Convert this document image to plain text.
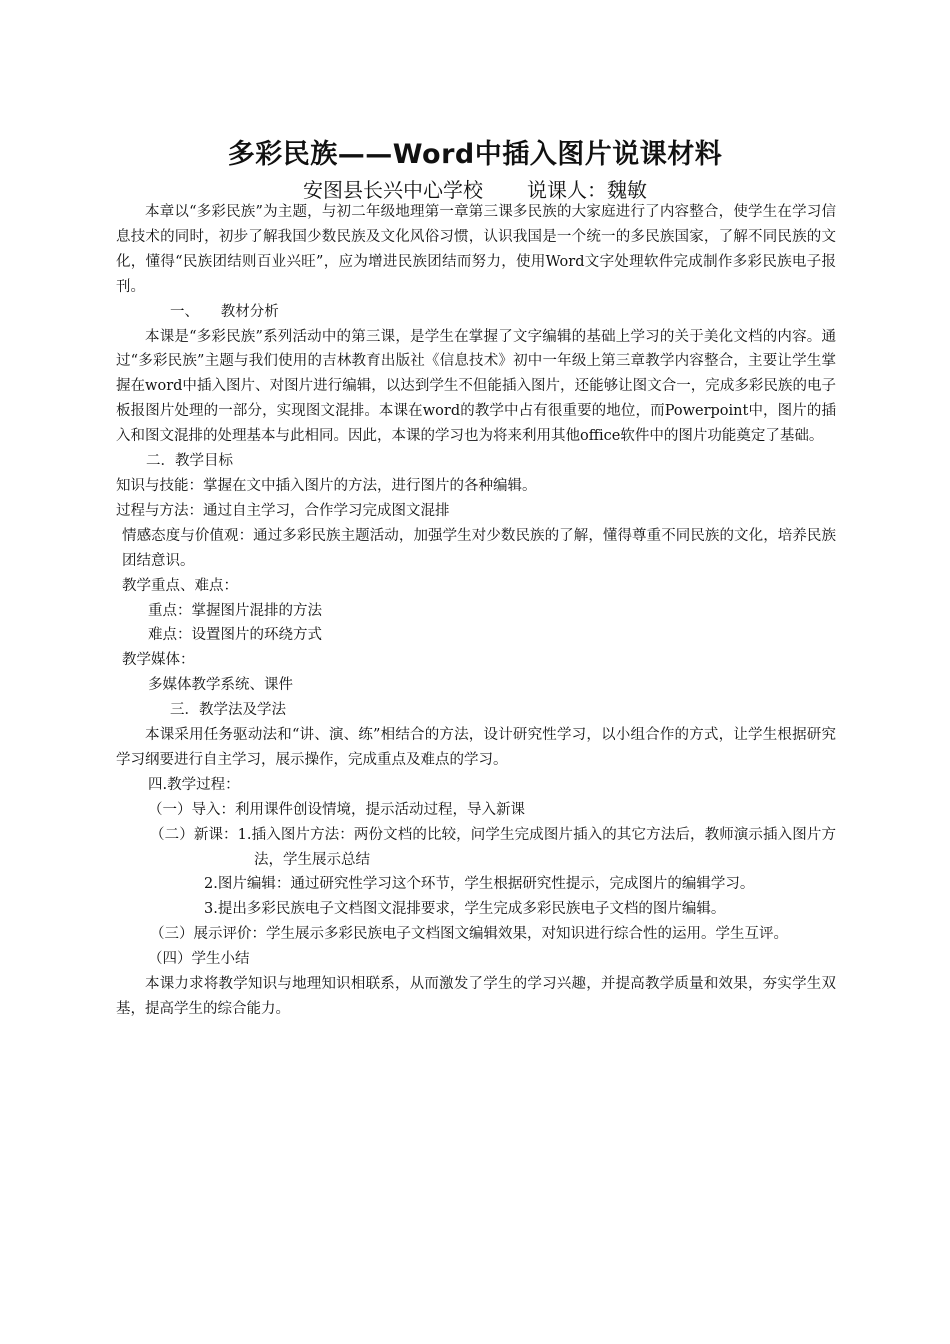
多彩民族——Word中插入图片说课材料
安图县长兴中心学校 说课人：魏敏

本章以“多彩民族”为主题，与初二年级地理第一章第三课多民族的大家庭进行了内容整合，使学生在学习信息技术的同时，初步了解我国少数民族及文化风俗习惯，认识我国是一个统一的多民族国家，了解不同民族的文化，懂得“民族团结则百业兴旺”，应为增进民族团结而努力，使用Word文字处理软件完成制作多彩民族电子报刊。

一、　　教材分析

本课是“多彩民族”系列活动中的第三课，是学生在掌握了文字编辑的基础上学习的关于美化文档的内容。通过“多彩民族”主题与我们使用的吉林教育出版社《信息技术》初中一年级上第三章教学内容整合，主要让学生掌握在word中插入图片、对图片进行编辑，以达到学生不但能插入图片，还能够让图文合一，完成多彩民族的电子板报图片处理的一部分，实现图文混排。本课在word的教学中占有很重要的地位，而Powerpoint中，图片的插入和图文混排的处理基本与此相同。因此，本课的学习也为将来利用其他office软件中的图片功能奠定了基础。

二．教学目标

知识与技能：掌握在文中插入图片的方法，进行图片的各种编辑。

过程与方法：通过自主学习，合作学习完成图文混排

情感态度与价值观：通过多彩民族主题活动，加强学生对少数民族的了解，懂得尊重不同民族的文化，培养民族团结意识。

教学重点、难点：

重点：掌握图片混排的方法

难点：设置图片的环绕方式

教学媒体：

多媒体教学系统、课件

三．教学法及学法

本课采用任务驱动法和“讲、演、练”相结合的方法，设计研究性学习，以小组合作的方式，让学生根据研究学习纲要进行自主学习，展示操作，完成重点及难点的学习。

四.教学过程：

（一）导入：利用课件创设情境，提示活动过程，导入新课

（二）新课：1.插入图片方法：两份文档的比较，问学生完成图片插入的其它方法后，教师演示插入图片方法，学生展示总结

2.图片编辑：通过研究性学习这个环节，学生根据研究性提示，完成图片的编辑学习。

3.提出多彩民族电子文档图文混排要求，学生完成多彩民族电子文档的图片编辑。

（三）展示评价：学生展示多彩民族电子文档图文编辑效果，对知识进行综合性的运用。学生互评。

（四）学生小结

本课力求将教学知识与地理知识相联系，从而激发了学生的学习兴趣，并提高教学质量和效果，夯实学生双基，提高学生的综合能力。
